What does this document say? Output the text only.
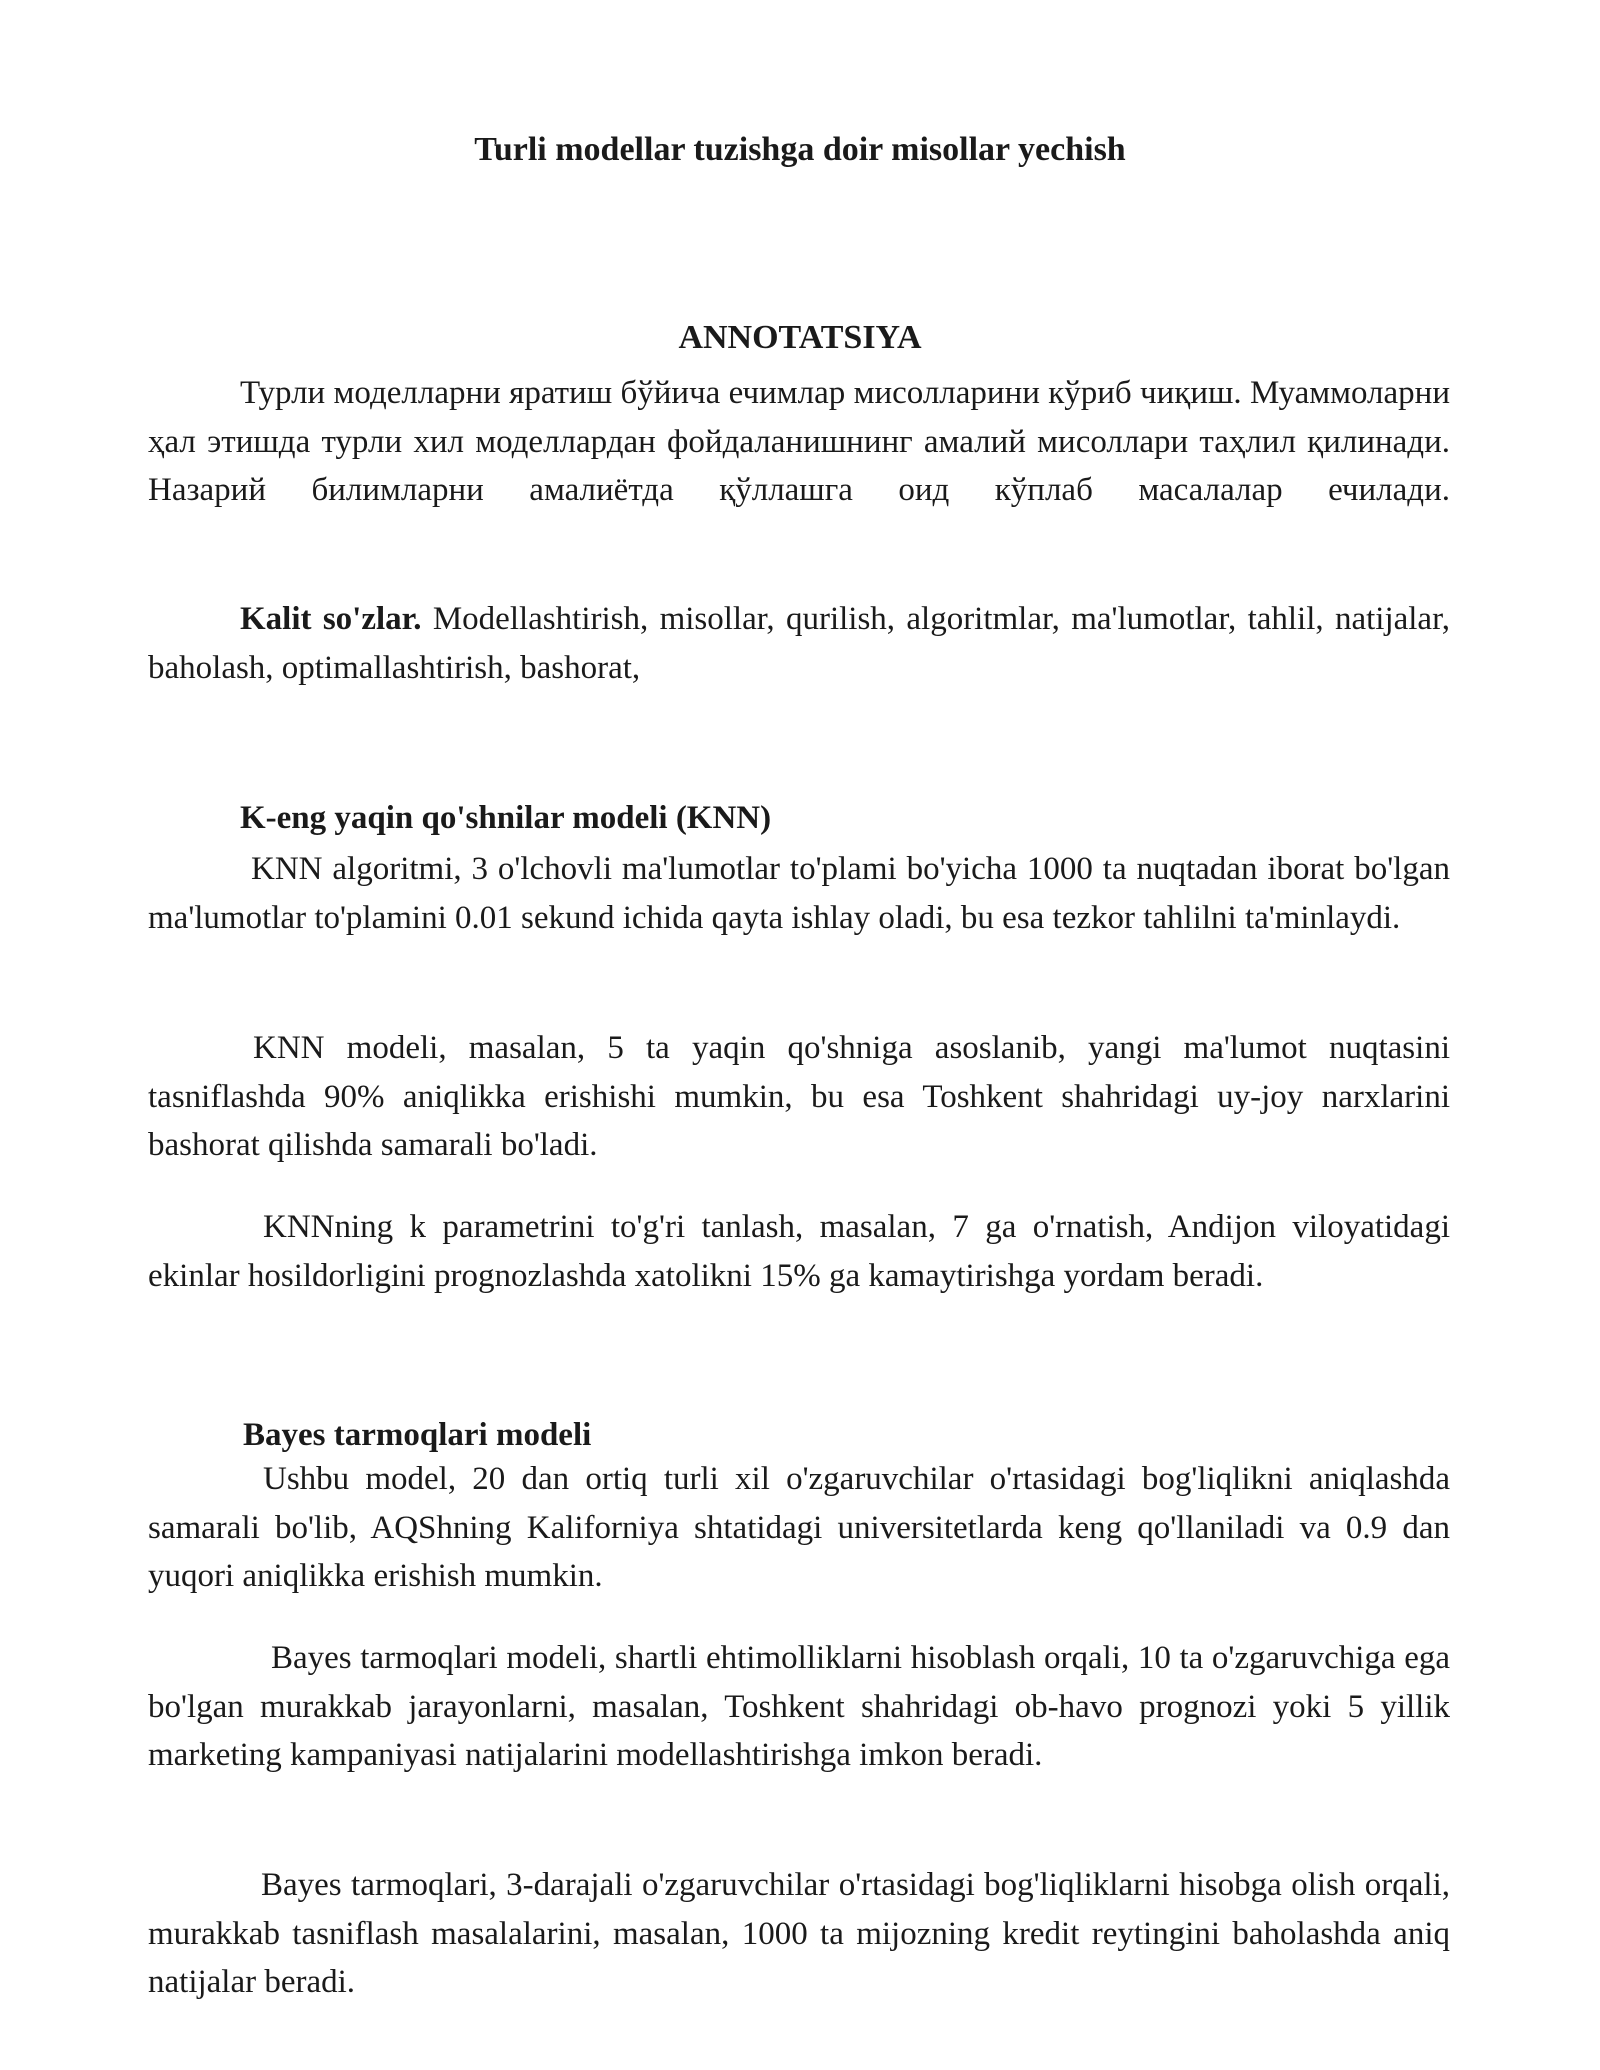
Turli modellar tuzishga doir misollar yechish
ANNOTATSIYA

Турли моделларни яратиш бўйича ечимлар мисолларини кўриб чиқиш. Муаммоларни ҳал этишда турли хил моделлардан фойдаланишнинг амалий мисоллари таҳлил қилинади. Назарий билимларни амалиётда қўллашга оид кўплаб масалалар ечилади.

Kalit so'zlar. Modellashtirish, misollar, qurilish, algoritmlar, ma'lumotlar, tahlil, natijalar, baholash, optimallashtirish, bashorat,

K-eng yaqin qo'shnilar modeli (KNN)

KNN algoritmi, 3 o'lchovli ma'lumotlar to'plami bo'yicha 1000 ta nuqtadan iborat bo'lgan ma'lumotlar to'plamini 0.01 sekund ichida qayta ishlay oladi, bu esa tezkor tahlilni ta'minlaydi.

KNN modeli, masalan, 5 ta yaqin qo'shniga asoslanib, yangi ma'lumot nuqtasini tasniflashda 90% aniqlikka erishishi mumkin, bu esa Toshkent shahridagi uy-joy narxlarini bashorat qilishda samarali bo'ladi.

KNNning k parametrini to'g'ri tanlash, masalan, 7 ga o'rnatish, Andijon viloyatidagi ekinlar hosildorligini prognozlashda xatolikni 15% ga kamaytirishga yordam beradi.

Bayes tarmoqlari modeli

Ushbu model, 20 dan ortiq turli xil o'zgaruvchilar o'rtasidagi bog'liqlikni aniqlashda samarali bo'lib, AQShning Kaliforniya shtatidagi universitetlarda keng qo'llaniladi va 0.9 dan yuqori aniqlikka erishish mumkin.

Bayes tarmoqlari modeli, shartli ehtimolliklarni hisoblash orqali, 10 ta o'zgaruvchiga ega bo'lgan murakkab jarayonlarni, masalan, Toshkent shahridagi ob-havo prognozi yoki 5 yillik marketing kampaniyasi natijalarini modellashtirishga imkon beradi.

Bayes tarmoqlari, 3-darajali o'zgaruvchilar o'rtasidagi bog'liqliklarni hisobga olish orqali, murakkab tasniflash masalalarini, masalan, 1000 ta mijozning kredit reytingini baholashda aniq natijalar beradi.
